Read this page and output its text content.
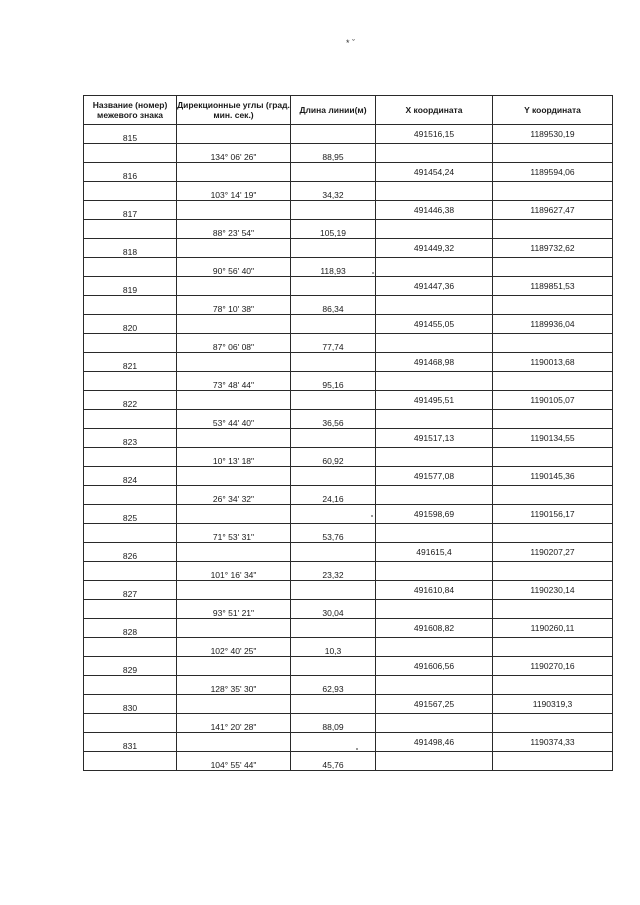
* ˇ
Название (номер) межевого знака	Дирекционные углы (град. мин. сек.)	Длина линии(м)	X координата	Y координата
815			491516,15	1189530,19
	134° 06' 26"	88,95		
816			491454,24	1189594,06
	103° 14' 19"	34,32		
817			491446,38	1189627,47
	88° 23' 54"	105,19		
818			491449,32	1189732,62
	90° 56' 40"	118,93		
819			491447,36	1189851,53
	78° 10' 38"	86,34		
820			491455,05	1189936,04
	87° 06' 08"	77,74		
821			491468,98	1190013,68
	73° 48' 44"	95,16		
822			491495,51	1190105,07
	53° 44' 40"	36,56		
823			491517,13	1190134,55
	10° 13' 18"	60,92		
824			491577,08	1190145,36
	26° 34' 32"	24,16		
825			491598,69	1190156,17
	71° 53' 31"	53,76		
826			491615,4	1190207,27
	101° 16' 34"	23,32		
827			491610,84	1190230,14
	93° 51' 21"	30,04		
828			491608,82	1190260,11
	102° 40' 25"	10,3		
829			491606,56	1190270,16
	128° 35' 30"	62,93		
830			491567,25	1190319,3
	141° 20' 28"	88,09		
831			491498,46	1190374,33
	104° 55' 44"	45,76		
